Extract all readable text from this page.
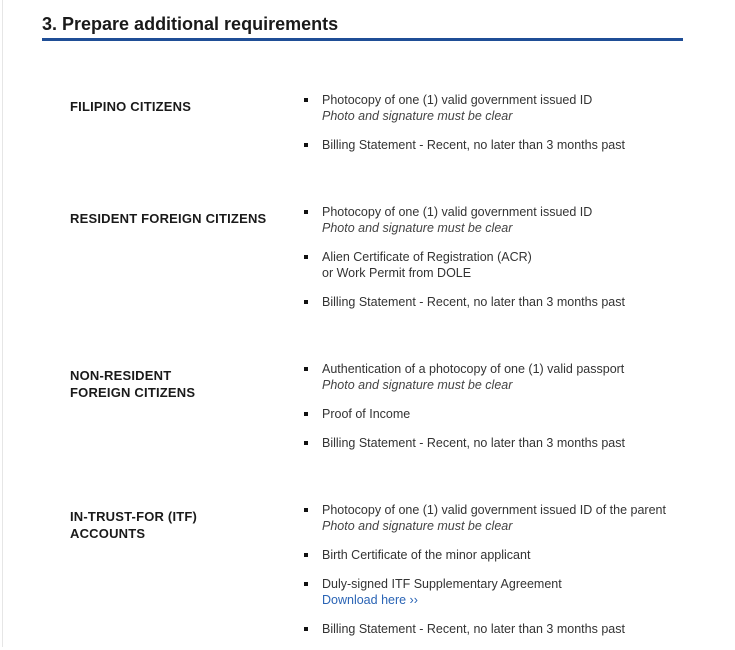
3. Prepare additional requirements
FILIPINO CITIZENS	Photocopy of one (1) valid government issued ID
Photo and signature must be clear
Billing Statement - Recent, no later than 3 months past
RESIDENT FOREIGN CITIZENS	Photocopy of one (1) valid government issued ID
Photo and signature must be clear
Alien Certificate of Registration (ACR)
or Work Permit from DOLE
Billing Statement - Recent, no later than 3 months past
NON-RESIDENT
FOREIGN CITIZENS
Authentication of a photocopy of one (1) valid passport
Photo and signature must be clear
Proof of Income
Billing Statement - Recent, no later than 3 months past
IN-TRUST-FOR (ITF)
ACCOUNTS
Photocopy of one (1) valid government issued ID of the parent
Photo and signature must be clear
Birth Certificate of the minor applicant
Duly-signed ITF Supplementary Agreement
Download here ››
Billing Statement - Recent, no later than 3 months past
